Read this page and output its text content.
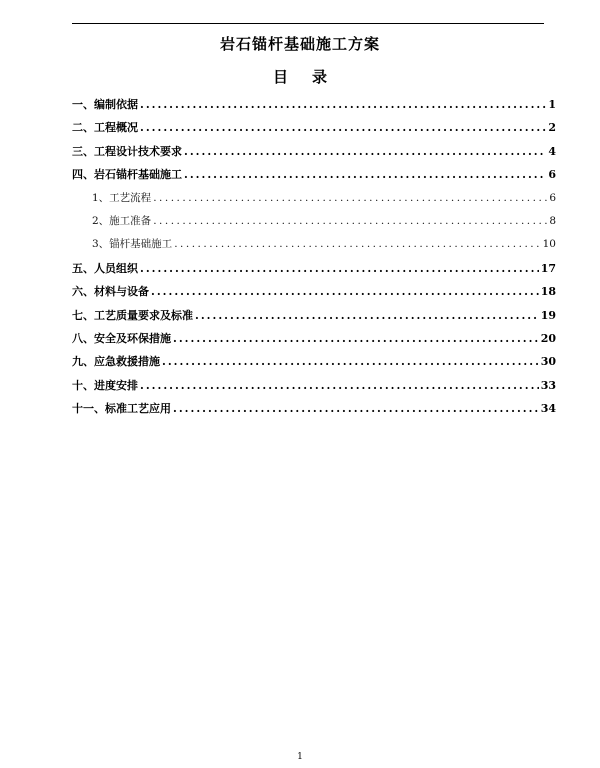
岩石锚杆基础施工方案
目录
一、编制依据 .....	1
二、工程概况 .....	2
三、工程设计技术要求 .....	4
四、岩石锚杆基础施工 .....	6
1、工艺流程 .....	6
2、施工准备 .....	8
3、锚杆基础施工 .....	10
五、人员组织 .....	17
六、材料与设备 .....	18
七、工艺质量要求及标准 .....	19
八、安全及环保措施 .....	20
九、应急救援措施 .....	30
十、进度安排 .....	33
十一、标准工艺应用 .....	34
1
